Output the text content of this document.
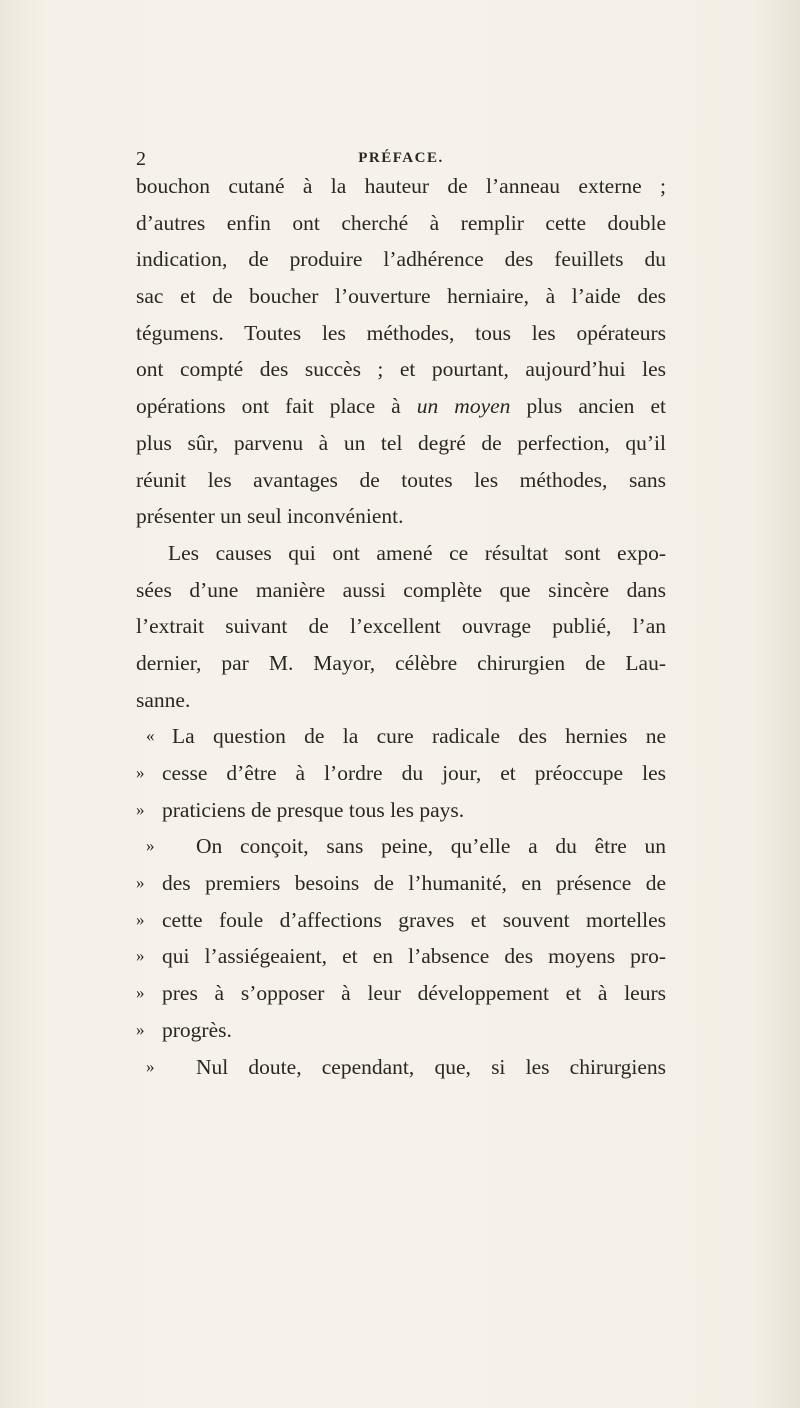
2	PRÉFACE.
bouchon cutané à la hauteur de l’anneau externe ;
d’autres enfin ont cherché à remplir cette double
indication, de produire l’adhérence des feuillets du
sac et de boucher l’ouverture herniaire, à l’aide des
tégumens. Toutes les méthodes, tous les opérateurs
ont compté des succès ; et pourtant, aujourd’hui les
opérations ont fait place à un moyen plus ancien et
plus sûr, parvenu à un tel degré de perfection, qu’il
réunit les avantages de toutes les méthodes, sans
présenter un seul inconvénient.
Les causes qui ont amené ce résultat sont expo-
sées d’une manière aussi complète que sincère dans
l’extrait suivant de l’excellent ouvrage publié, l’an
dernier, par M. Mayor, célèbre chirurgien de Lau-
sanne.
« La question de la cure radicale des hernies ne
» cesse d’être à l’ordre du jour, et préoccupe les
» praticiens de presque tous les pays.
»	On conçoit, sans peine, qu’elle a du être un
» des premiers besoins de l’humanité, en présence de
» cette foule d’affections graves et souvent mortelles
» qui l’assiégeaient, et en l’absence des moyens pro-
» pres à s’opposer à leur développement et à leurs
» progrès.
»	Nul doute, cependant, que, si les chirurgiens
